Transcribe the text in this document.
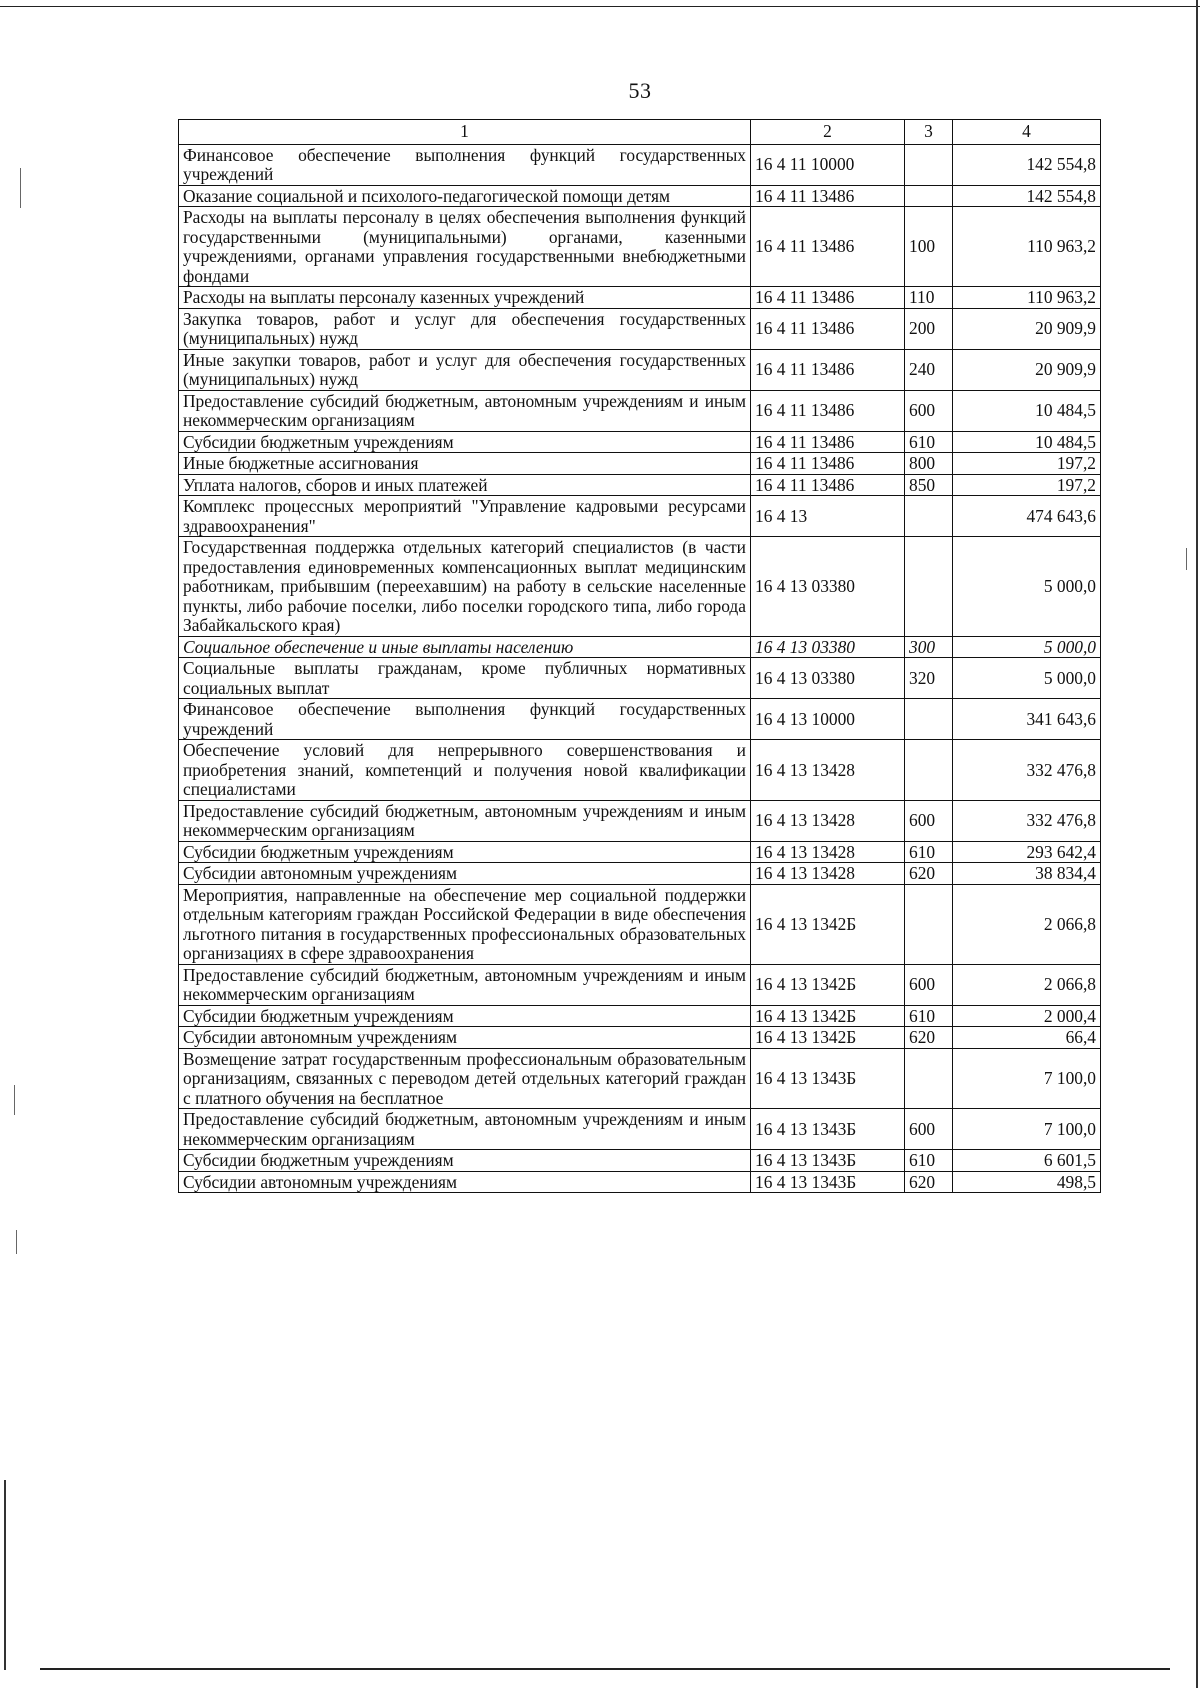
53
1	2	3	4
Финансовое обеспечение выполнения функций государственных учреждений	16 4 11 10000		142 554,8
Оказание социальной и психолого-педагогической помощи детям	16 4 11 13486		142 554,8
Расходы на выплаты персоналу в целях обеспечения выполнения функций государственными (муниципальными) органами, казенными учреждениями, органами управления государственными внебюджетными фондами	16 4 11 13486	100	110 963,2
Расходы на выплаты персоналу казенных учреждений	16 4 11 13486	110	110 963,2
Закупка товаров, работ и услуг для обеспечения государственных (муниципальных) нужд	16 4 11 13486	200	20 909,9
Иные закупки товаров, работ и услуг для обеспечения государственных (муниципальных) нужд	16 4 11 13486	240	20 909,9
Предоставление субсидий бюджетным, автономным учреждениям и иным некоммерческим организациям	16 4 11 13486	600	10 484,5
Субсидии бюджетным учреждениям	16 4 11 13486	610	10 484,5
Иные бюджетные ассигнования	16 4 11 13486	800	197,2
Уплата налогов, сборов и иных платежей	16 4 11 13486	850	197,2
Комплекс процессных мероприятий "Управление кадровыми ресурсами здравоохранения"	16 4 13		474 643,6
Государственная поддержка отдельных категорий специалистов (в части предоставления единовременных компенсационных выплат медицинским работникам, прибывшим (переехавшим) на работу в сельские населенные пункты, либо рабочие поселки, либо поселки городского типа, либо города Забайкальского края)	16 4 13 03380		5 000,0
Социальное обеспечение и иные выплаты населению	16 4 13 03380	300	5 000,0
Социальные выплаты гражданам, кроме публичных нормативных социальных выплат	16 4 13 03380	320	5 000,0
Финансовое обеспечение выполнения функций государственных учреждений	16 4 13 10000		341 643,6
Обеспечение условий для непрерывного совершенствования и приобретения знаний, компетенций и получения новой квалификации специалистами	16 4 13 13428		332 476,8
Предоставление субсидий бюджетным, автономным учреждениям и иным некоммерческим организациям	16 4 13 13428	600	332 476,8
Субсидии бюджетным учреждениям	16 4 13 13428	610	293 642,4
Субсидии автономным учреждениям	16 4 13 13428	620	38 834,4
Мероприятия, направленные на обеспечение мер социальной поддержки отдельным категориям граждан Российской Федерации в виде обеспечения льготного питания в государственных профессиональных образовательных организациях в сфере здравоохранения	16 4 13 1342Б		2 066,8
Предоставление субсидий бюджетным, автономным учреждениям и иным некоммерческим организациям	16 4 13 1342Б	600	2 066,8
Субсидии бюджетным учреждениям	16 4 13 1342Б	610	2 000,4
Субсидии автономным учреждениям	16 4 13 1342Б	620	66,4
Возмещение затрат государственным профессиональным образовательным организациям, связанных с переводом детей отдельных категорий граждан с платного обучения на бесплатное	16 4 13 1343Б		7 100,0
Предоставление субсидий бюджетным, автономным учреждениям и иным некоммерческим организациям	16 4 13 1343Б	600	7 100,0
Субсидии бюджетным учреждениям	16 4 13 1343Б	610	6 601,5
Субсидии автономным учреждениям	16 4 13 1343Б	620	498,5
